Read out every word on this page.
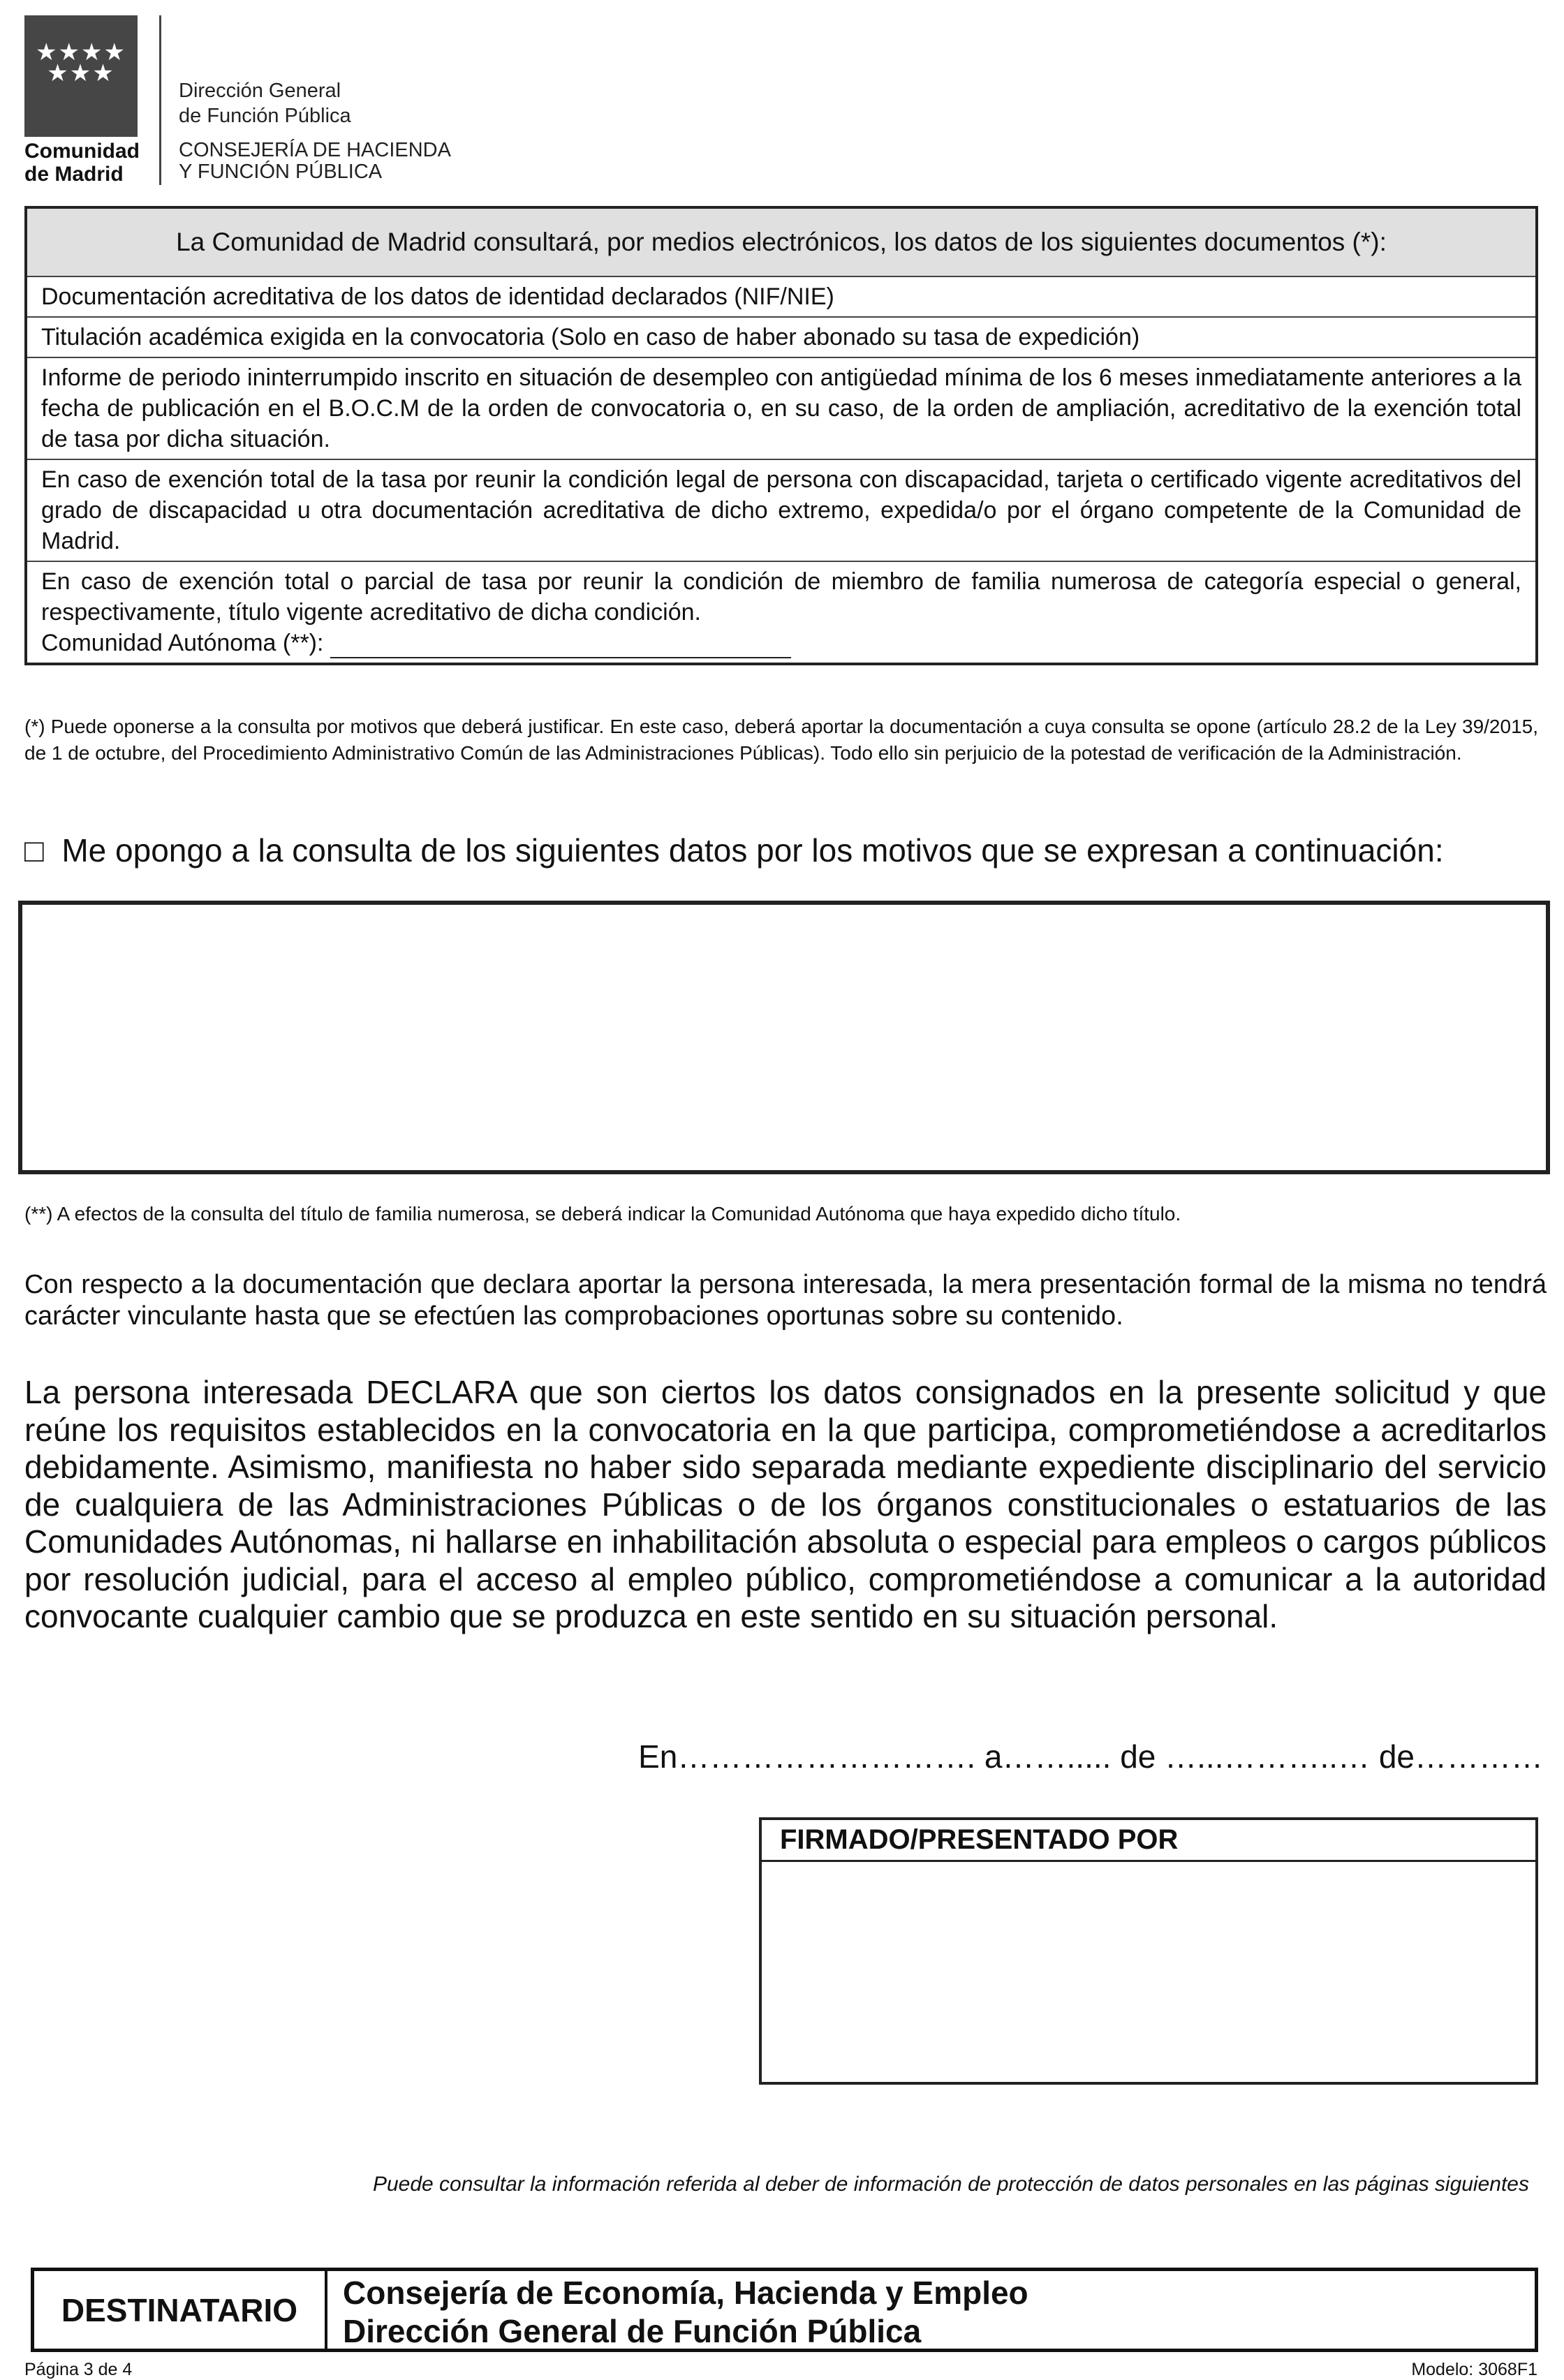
★★★★
★★★
Comunidad
de Madrid
Dirección General
de Función Pública
CONSEJERÍA DE HACIENDA
Y FUNCIÓN PÚBLICA
La Comunidad de Madrid consultará, por medios electrónicos, los datos de los siguientes documentos (*):
Documentación acreditativa de los datos de identidad declarados (NIF/NIE)
Titulación académica exigida en la convocatoria (Solo en caso de haber abonado su tasa de expedición)
Informe de periodo ininterrumpido inscrito en situación de desempleo con antigüedad mínima de los 6 meses inmediatamente anteriores a la fecha de publicación en el B.O.C.M de la orden de convocatoria o, en su caso, de la orden de ampliación, acreditativo de la exención total de tasa por dicha situación.
En caso de exención total de la tasa por reunir la condición legal de persona con discapacidad, tarjeta o certificado vigente acreditativos del grado de discapacidad u otra documentación acreditativa de dicho extremo, expedida/o por el órgano competente de la Comunidad de Madrid.

En caso de exención total o parcial de tasa por reunir la condición de miembro de familia numerosa de categoría especial o general, respectivamente, título vigente acreditativo de dicha condición.
Comunidad Autónoma (**):
(*) Puede oponerse a la consulta por motivos que deberá justificar. En este caso, deberá aportar la documentación a cuya consulta se opone (artículo 28.2 de la Ley 39/2015, de 1 de octubre, del Procedimiento Administrativo Común de las Administraciones Públicas). Todo ello sin perjuicio de la potestad de verificación de la Administración.
□ Me opongo a la consulta de los siguientes datos por los motivos que se expresan a continuación:
(**) A efectos de la consulta del título de familia numerosa, se deberá indicar la Comunidad Autónoma que haya expedido dicho título.
Con respecto a la documentación que declara aportar la persona interesada, la mera presentación formal de la misma no tendrá carácter vinculante hasta que se efectúen las comprobaciones oportunas sobre su contenido.
La persona interesada DECLARA que son ciertos los datos consignados en la presente solicitud y que reúne los requisitos establecidos en la convocatoria en la que participa, comprometiéndose a acreditarlos debidamente. Asimismo, manifiesta no haber sido separada mediante expediente disciplinario del servicio de cualquiera de las Administraciones Públicas o de los órganos constitucionales o estatuarios de las Comunidades Autónomas, ni hallarse en inhabilitación absoluta o especial para empleos o cargos públicos por resolución judicial, para el acceso al empleo público, comprometiéndose a comunicar a la autoridad convocante cualquier cambio que se produzca en este sentido en su situación personal.
En………………………. a……..... de …...………..… de…………
FIRMADO/PRESENTADO POR
Puede consultar la información referida al deber de información de protección de datos personales en las páginas siguientes
DESTINATARIO	Consejería de Economía, Hacienda y Empleo
Dirección General de Función Pública
Página 3 de 4	Modelo: 3068F1
